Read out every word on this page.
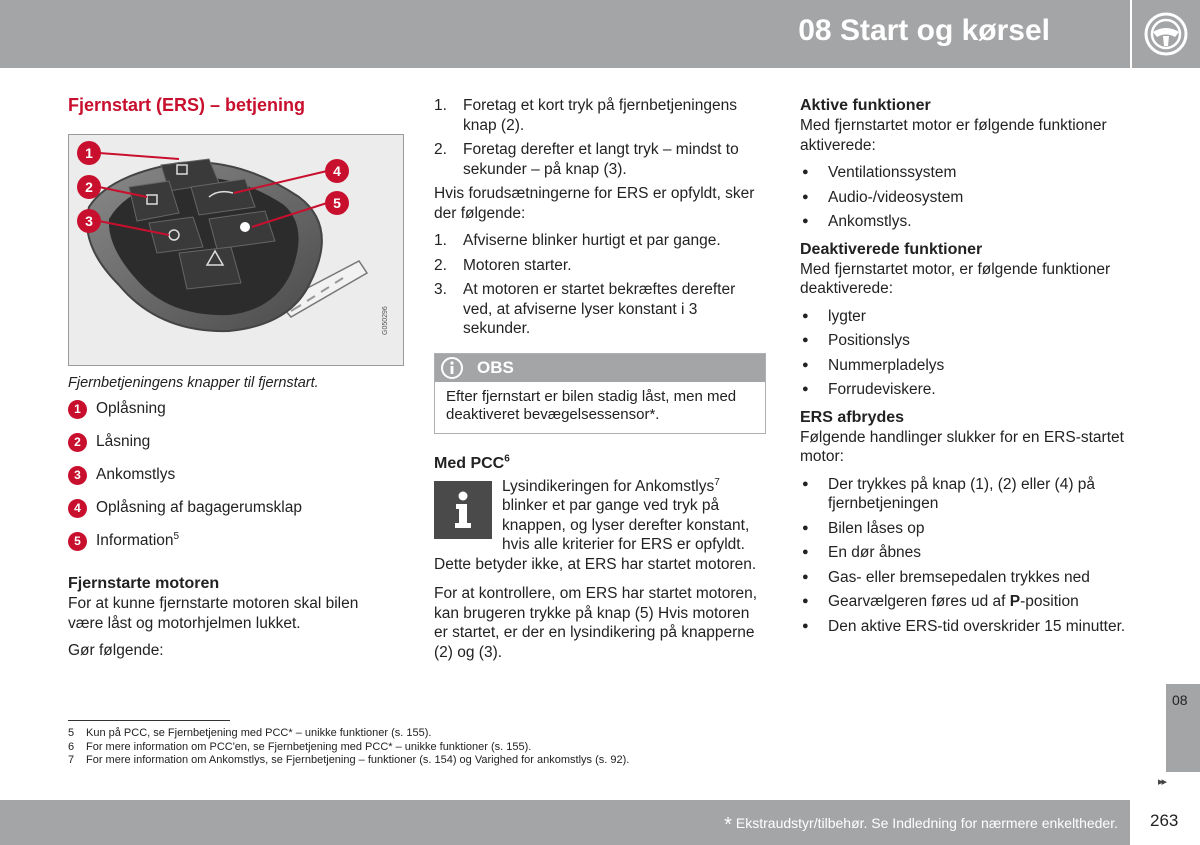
08 Start og kørsel
Fjernstart (ERS) – betjening
1
2
3
4
5
G050296
Fjernbetjeningens knapper til fjernstart.
1 Oplåsning
2 Låsning
3 Ankomstlys
4 Oplåsning af bagagerumsklap
5 Information$^5$
Fjernstarte motoren

For at kunne fjernstarte motoren skal bilen være låst og motorhjelmen lukket.

Gør følgende:

1. Foretag et kort tryk på fjernbetjeningens knap (2).
2. Foretag derefter et langt tryk – mindst to sekunder – på knap (3).

Hvis forudsætningerne for ERS er opfyldt, sker der følgende:

1. Afviserne blinker hurtigt et par gange.
2. Motoren starter.
3. At motoren er startet bekræftes derefter ved, at afviserne lyser konstant i 3 sekunder.
OBS
Efter fjernstart er bilen stadig låst, men med deaktiveret bevægelsessensor*.
Med PCC$^6$

Lysindikeringen for Ankomstlys$^7$ blinker et par gange ved tryk på knappen, og lyser derefter konstant, hvis alle kriterier for ERS er opfyldt.

Dette betyder ikke, at ERS har startet motoren.

For at kontrollere, om ERS har startet motoren, kan brugeren trykke på knap (5) Hvis motoren er startet, er der en lysindikering på knapperne (2) og (3).

Aktive funktioner

Med fjernstartet motor er følgende funktioner aktiverede:

● Ventilationssystem
● Audio-/videosystem
● Ankomstlys.
Deaktiverede funktioner

Med fjernstartet motor, er følgende funktioner deaktiverede:

● lygter
● Positionslys
● Nummerpladelys
● Forrudeviskere.
ERS afbrydes

Følgende handlinger slukker for en ERS-startet motor:

● Der trykkes på knap (1), (2) eller (4) på fjernbetjeningen
● Bilen låses op
● En dør åbnes
● Gas- eller bremsepedalen trykkes ned
● Gearvælgeren føres ud af P-position
● Den aktive ERS-tid overskrider 15 minutter.
5	Kun på PCC, se Fjernbetjening med PCC* – unikke funktioner (s. 155).
6	For mere information om PCC'en, se Fjernbetjening med PCC* – unikke funktioner (s. 155).
7	For mere information om Ankomstlys, se Fjernbetjening – funktioner (s. 154) og Varighed for ankomstlys (s. 92).
08
▸▸
* Ekstraudstyr/tilbehør. Se Indledning for nærmere enkeltheder. 263
